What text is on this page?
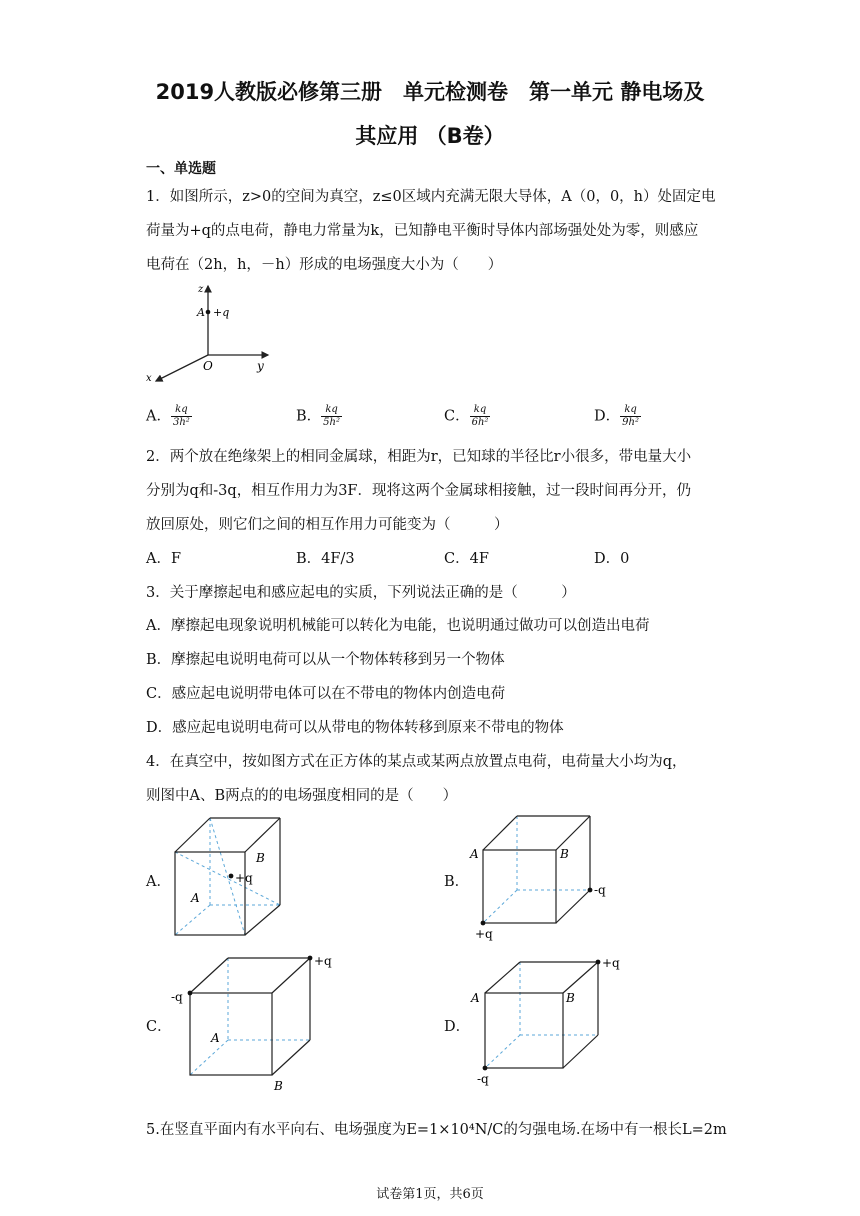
2019人教版必修第三册　单元检测卷　第一单元 静电场及
其应用 （B卷）
一、单选题
1．如图所示，z>0的空间为真空，z≤0区域内充满无限大导体，A（0，0，h）处固定电
荷量为+q的点电荷，静电力常量为k，已知静电平衡时导体内部场强处处为零，则感应
电荷在（2h，h，－h）形成的电场强度大小为（　　）
z
A +q
O	y
x
A． $\frac{kq}{\text{3h²}}$	B． $\frac{kq}{\text{5h²}}$	C． $\frac{kq}{\text{6h²}}$	D． $\frac{kq}{\text{9h²}}$
2．两个放在绝缘架上的相同金属球，相距为r，已知球的半径比r小很多，带电量大小
分别为q和-3q，相互作用力为3F．现将这两个金属球相接触，过一段时间再分开，仍
放回原处，则它们之间的相互作用力可能变为（　　　）
A．F	B．4F/3	C．4F	D．0
3．关于摩擦起电和感应起电的实质，下列说法正确的是（　　　）
A．摩擦起电现象说明机械能可以转化为电能，也说明通过做功可以创造出电荷
B．摩擦起电说明电荷可以从一个物体转移到另一个物体
C．感应起电说明带电体可以在不带电的物体内创造电荷
D．感应起电说明电荷可以从带电的物体转移到原来不带电的物体
4．在真空中，按如图方式在正方体的某点或某两点放置点电荷，电荷量大小均为q，
则图中A、B两点的的电场强度相同的是（　　）
A．	+q
B
A
B．
+q
-q
A	B
C．
-q
+q
A
B
D．
-q
+q
A	B
5.在竖直平面内有水平向右、电场强度为E=1×10⁴N/C的匀强电场.在场中有一根长L=2m
试卷第1页，共6页
